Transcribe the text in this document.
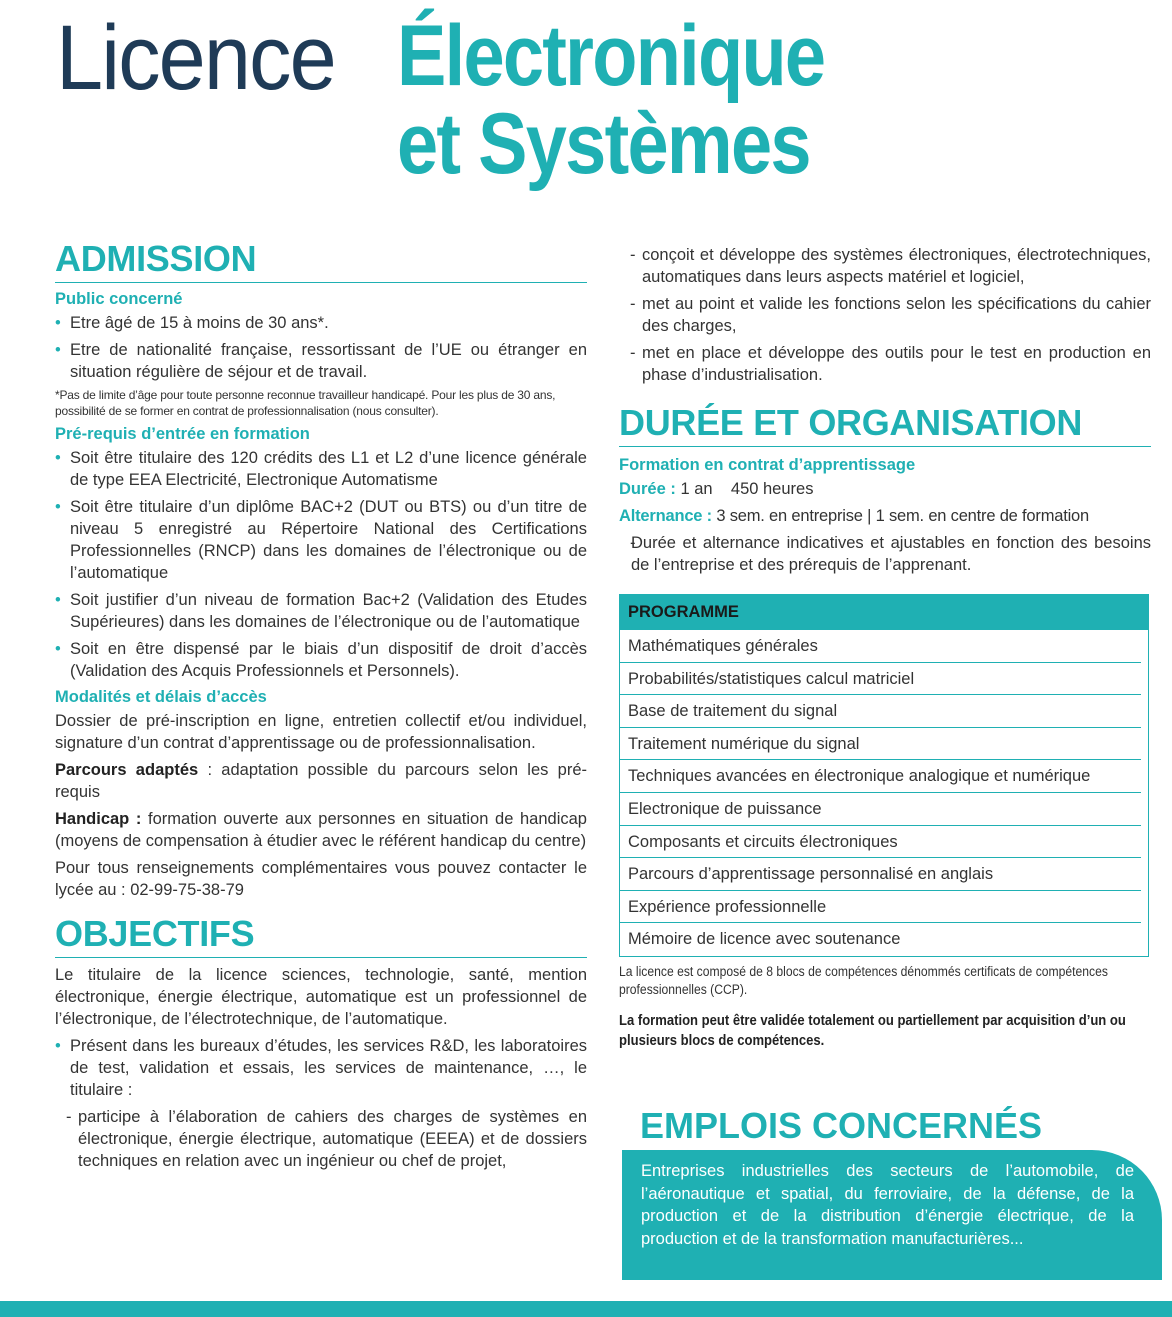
Licence Électronique
et Systèmes
ADMISSION
Public concerné
• Etre âgé de 15 à moins de 30 ans*.
• Etre de nationalité française, ressortissant de l’UE ou étranger en situation régulière de séjour et de travail.
*Pas de limite d’âge pour toute personne reconnue travailleur handicapé. Pour les plus de 30 ans, possibilité de se former en contrat de professionnalisation (nous consulter).
Pré-requis d’entrée en formation
• Soit être titulaire des 120 crédits des L1 et L2 d’une licence générale de type EEA Electricité, Electronique Automatisme
• Soit être titulaire d’un diplôme BAC+2 (DUT ou BTS) ou d’un titre de niveau 5 enregistré au Répertoire National des Certifications Professionnelles (RNCP) dans les domaines de l’électronique ou de l’automatique
• Soit justifier d’un niveau de formation Bac+2 (Validation des Etudes Supérieures) dans les domaines de l’électronique ou de l’automatique
• Soit en être dispensé par le biais d’un dispositif de droit d’accès (Validation des Acquis Professionnels et Personnels).
Modalités et délais d’accès
Dossier de pré-inscription en ligne, entretien collectif et/ou individuel, signature d’un contrat d’apprentissage ou de professionnalisation.
Parcours adaptés : adaptation possible du parcours selon les pré-requis
Handicap : formation ouverte aux personnes en situation de handicap (moyens de compensation à étudier avec le référent handicap du centre)
Pour tous renseignements complémentaires vous pouvez contacter le lycée au : 02-99-75-38-79
OBJECTIFS
Le titulaire de la licence sciences, technologie, santé, mention électronique, énergie électrique, automatique est un professionnel de l’électronique, de l’électrotechnique, de l’automatique.
• Présent dans les bureaux d’études, les services R&D, les laboratoires de test, validation et essais, les services de maintenance, …, le titulaire :
- participe à l’élaboration de cahiers des charges de systèmes en électronique, énergie électrique, automatique (EEEA) et de dossiers techniques en relation avec un ingénieur ou chef de projet,
- conçoit et développe des systèmes électroniques, électrotechniques, automatiques dans leurs aspects matériel et logiciel,
- met au point et valide les fonctions selon les spécifications du cahier des charges,
- met en place et développe des outils pour le test en production en phase d’industrialisation.
DURÉE ET ORGANISATION
Formation en contrat d’apprentissage
Durée : 1 an    450 heures
Alternance : 3 sem. en entreprise | 1 sem. en centre de formation
- Durée et alternance indicatives et ajustables en fonction des besoins de l’entreprise et des prérequis de l’apprenant.
PROGRAMME
Mathématiques générales
Probabilités/statistiques calcul matriciel
Base de traitement du signal
Traitement numérique du signal
Techniques avancées en électronique analogique et numérique
Electronique de puissance
Composants et circuits électroniques
Parcours d’apprentissage personnalisé en anglais
Expérience professionnelle
Mémoire de licence avec soutenance
La licence est composé de 8 blocs de compétences dénommés certificats de compétences professionnelles (CCP).
La formation peut être validée totalement ou partiellement par acquisition d’un ou plusieurs blocs de compétences.
EMPLOIS CONCERNÉS

Entreprises industrielles des secteurs de l’automobile, de l’aéronautique et spatial, du ferroviaire, de la défense, de la production et de la distribution d’énergie électrique, de la production et de la transformation manufacturières...
